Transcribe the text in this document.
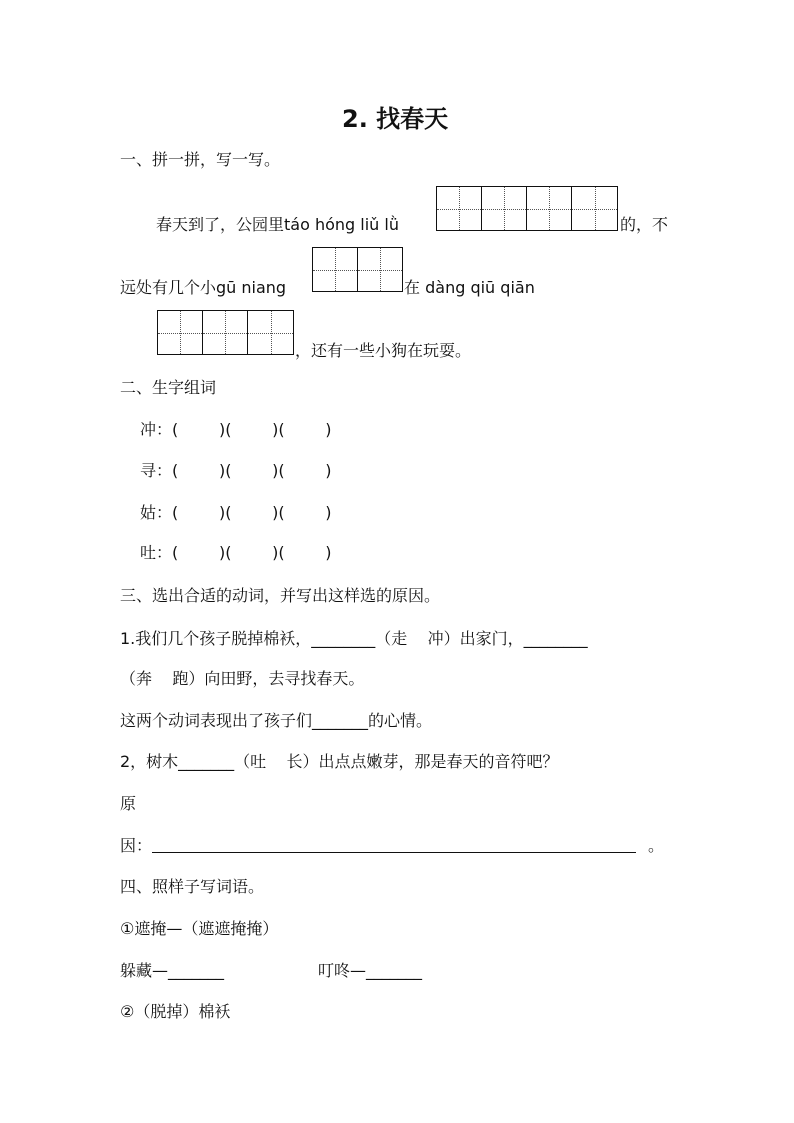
2. 找春天
一、拼一拼，写一写。
春天到了，公园里táo hóng liǔ lǜ	的，不
远处有几个小gū niang	在 dàng qiū qiān
，还有一些小狗在玩耍。
二、生字组词
冲：(        )(        )(        )
寻：(        )(        )(        )
姑：(        )(        )(        )
吐：(        )(        )(        )
三、选出合适的动词，并写出这样选的原因。
1.我们几个孩子脱掉棉袄，________（走    冲）出家门，________
（奔    跑）向田野，去寻找春天。
这两个动词表现出了孩子们_______的心情。
2，树木_______（吐    长）出点点嫩芽，那是春天的音符吧？
原
因：	。
四、照样子写词语。
①遮掩—（遮遮掩掩）
躲藏—_______	叮咚—_______
②（脱掉）棉袄
